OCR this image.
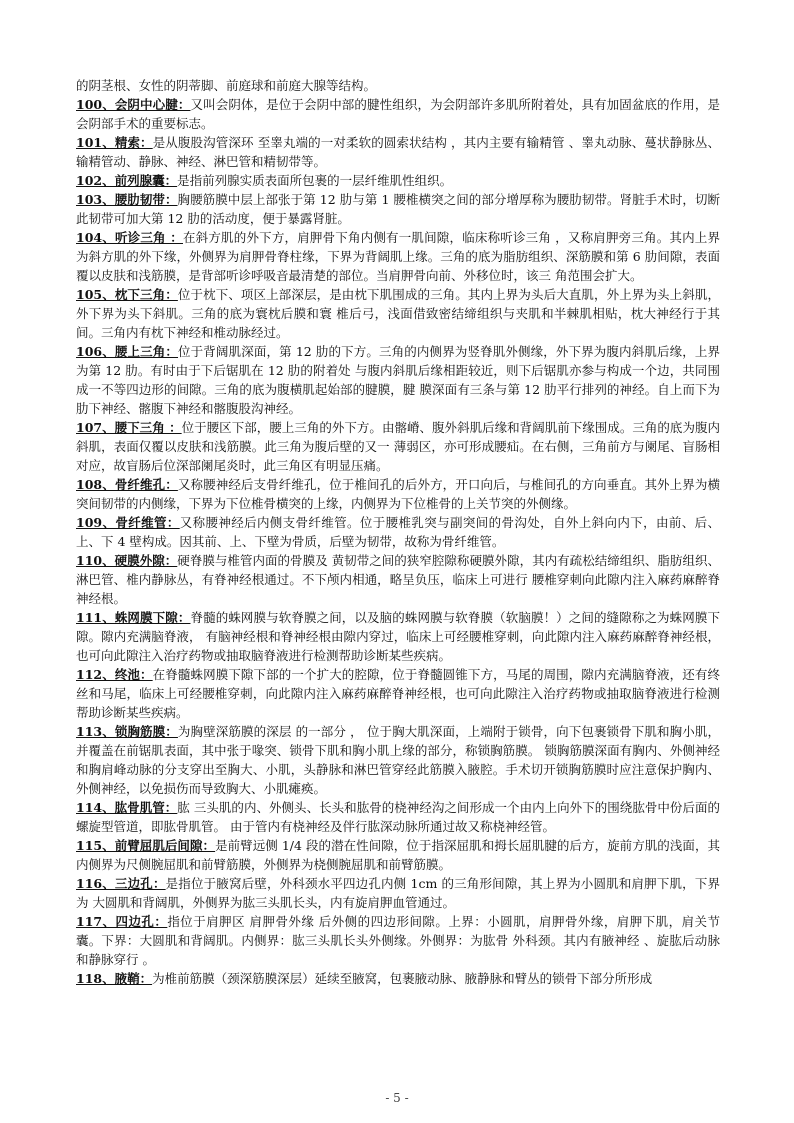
的阴茎根、女性的阴蒂脚、前庭球和前庭大腺等结构。

100、会阴中心腱：又叫会阴体，是位于会阴中部的腱性组织，为会阴部许多肌所附着处，具有加固盆底的作用，是会阴部手术的重要标志。

101、精索：是从腹股沟管深环 至睾丸端的一对柔软的圆索状结构 ，其内主要有输精管 、睾丸动脉、蔓状静脉丛、输精管动、静脉、神经、淋巴管和精韧带等。

102、前列腺囊：是指前列腺实质表面所包裹的一层纤维肌性组织。

103、腰肋韧带：胸腰筋膜中层上部张于第 12 肋与第 1 腰椎横突之间的部分增厚称为腰肋韧带。肾脏手术时，切断此韧带可加大第 12 肋的活动度，便于暴露肾脏。

104、听诊三角 ：在斜方肌的外下方，肩胛骨下角内侧有一肌间隙，临床称听诊三角 ，又称肩胛旁三角。其内上界为斜方肌的外下缘，外侧界为肩胛骨脊柱缘，下界为背阔肌上缘。三角的底为脂肪组织、深筋膜和第 6 肋间隙，表面覆以皮肤和浅筋膜，是背部听诊呼吸音最清楚的部位。当肩胛骨向前、外移位时，该三 角范围会扩大。

105、枕下三角：位于枕下、项区上部深层，是由枕下肌围成的三角。其内上界为头后大直肌，外上界为头上斜肌，外下界为头下斜肌。三角的底为寰枕后膜和寰 椎后弓，浅面借致密结缔组织与夹肌和半棘肌相贴，枕大神经行于其间。三角内有枕下神经和椎动脉经过。

106、腰上三角：位于背阔肌深面，第 12 肋的下方。三角的内侧界为竖脊肌外侧缘，外下界为腹内斜肌后缘，上界为第 12 肋。有时由于下后锯肌在 12 肋的附着处 与腹内斜肌后缘相距较近，则下后锯肌亦参与构成一个边，共同围成一不等四边形的间隙。三角的底为腹横肌起始部的腱膜，腱 膜深面有三条与第 12 肋平行排列的神经。自上而下为肋下神经、髂腹下神经和髂腹股沟神经。

107、腰下三角 ：位于腰区下部，腰上三角的外下方。由髂嵴、腹外斜肌后缘和背阔肌前下缘围成。三角的底为腹内斜肌，表面仅覆以皮肤和浅筋膜。此三角为腹后壁的又一 薄弱区，亦可形成腰疝。在右侧，三角前方与阑尾、盲肠相对应，故盲肠后位深部阑尾炎时，此三角区有明显压痛。

108、骨纤维孔：又称腰神经后支骨纤维孔，位于椎间孔的后外方，开口向后，与椎间孔的方向垂直。其外上界为横突间韧带的内侧缘，下界为下位椎骨横突的上缘，内侧界为下位椎骨的上关节突的外侧缘。

109、骨纤维管：又称腰神经后内侧支骨纤维管。位于腰椎乳突与副突间的骨沟处，自外上斜向内下，由前、后、上、下 4 壁构成。因其前、上、下壁为骨质，后壁为韧带，故称为骨纤维管。

110、硬膜外隙：硬脊膜与椎管内面的骨膜及 黄韧带之间的狭窄腔隙称硬膜外隙，其内有疏松结缔组织、脂肪组织、淋巴管、椎内静脉丛，有脊神经根通过。不下颅内相通，略呈负压，临床上可进行 腰椎穿刺向此隙内注入麻药麻醉脊神经根。

111、蛛网膜下隙：脊髓的蛛网膜与软脊膜之间，以及脑的蛛网膜与软脊膜（软脑膜！）之间的缝隙称之为蛛网膜下隙。隙内充满脑脊液， 有脑神经根和脊神经根由隙内穿过，临床上可经腰椎穿刺，向此隙内注入麻药麻醉脊神经根，也可向此隙注入治疗药物或抽取脑脊液进行检测帮助诊断某些疾病。

112、终池：在脊髓蛛网膜下隙下部的一个扩大的腔隙，位于脊髓圆锥下方，马尾的周围，隙内充满脑脊液，还有终丝和马尾，临床上可经腰椎穿刺，向此隙内注入麻药麻醉脊神经根，也可向此隙注入治疗药物或抽取脑脊液进行检测帮助诊断某些疾病。

113、锁胸筋膜：为胸壁深筋膜的深层 的一部分 ， 位于胸大肌深面，上端附于锁骨，向下包裹锁骨下肌和胸小肌，并覆盖在前锯肌表面，其中张于喙突、锁骨下肌和胸小肌上缘的部分，称锁胸筋膜。 锁胸筋膜深面有胸内、外侧神经和胸肩峰动脉的分支穿出至胸大、小肌，头静脉和淋巴管穿经此筋膜入腋腔。手术切开锁胸筋膜时应注意保护胸内、外侧神经，以免损伤而导致胸大、小肌瘫痪。

114、肱骨肌管：肱 三头肌的内、外侧头、长头和肱骨的桡神经沟之间形成一个由内上向外下的围绕肱骨中份后面的螺旋型管道，即肱骨肌管。 由于管内有桡神经及伴行肱深动脉所通过故又称桡神经管。

115、前臂屈肌后间隙：是前臂远侧 1/4 段的潜在性间隙，位于指深屈肌和拇长屈肌腱的后方，旋前方肌的浅面，其内侧界为尺侧腕屈肌和前臂筋膜，外侧界为桡侧腕屈肌和前臂筋膜。

116、三边孔：是指位于腋窝后壁，外科颈水平四边孔内侧 1cm 的三角形间隙，其上界为小圆肌和肩胛下肌，下界为 大圆肌和背阔肌，外侧界为肱三头肌长头，内有旋肩胛血管通过。

117、四边孔：指位于肩胛区 肩胛骨外缘 后外侧的四边形间隙。上界：小圆肌，肩胛骨外缘，肩胛下肌，肩关节囊。下界：大圆肌和背阔肌。内侧界：肱三头肌长头外侧缘。外侧界：为肱骨 外科颈。其内有腋神经 、旋肱后动脉和静脉穿行 。

118、腋鞘：为椎前筋膜（颈深筋膜深层）延续至腋窝，包裹腋动脉、腋静脉和臂丛的锁骨下部分所形成

- 5 -
